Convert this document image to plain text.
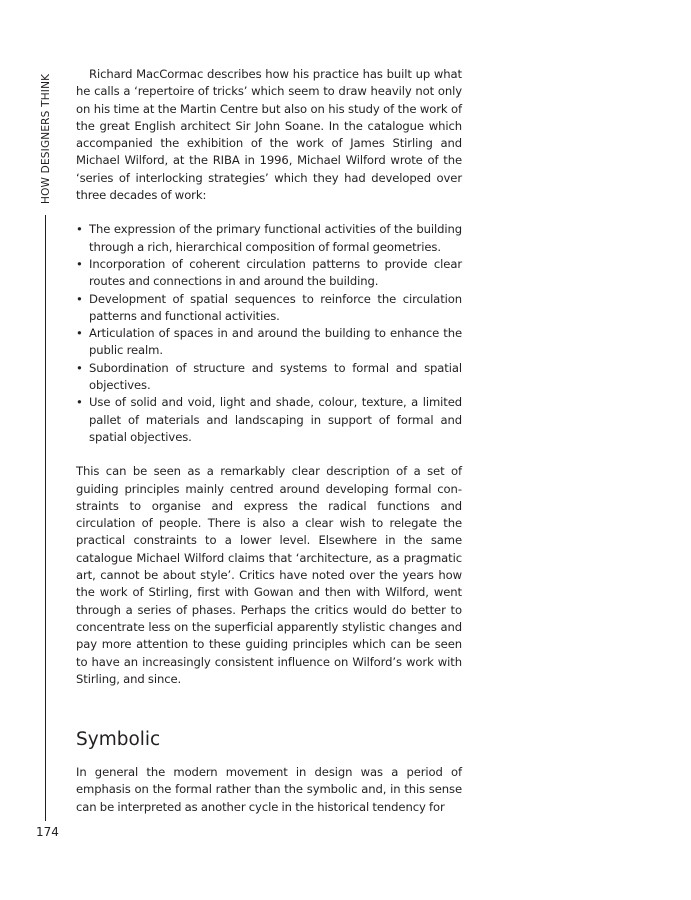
HOW DESIGNERS THINK
174

Richard MacCormac describes how his practice has built up what he calls a ‘repertoire of tricks’ which seem to draw heavily not only on his time at the Martin Centre but also on his study of the work of the great English architect Sir John Soane. In the catalogue which accompanied the exhibition of the work of James Stirling and Michael Wilford, at the RIBA in 1996, Michael Wilford wrote of the ‘series of interlocking strategies’ which they had developed over three decades of work:

• The expression of the primary functional activities of the building through a rich, hierarchical composition of formal geometries.
• Incorporation of coherent circulation patterns to provide clear routes and connections in and around the building.
• Development of spatial sequences to reinforce the circulation patterns and functional activities.
• Articulation of spaces in and around the building to enhance the public realm.
• Subordination of structure and systems to formal and spatial objectives.
• Use of solid and void, light and shade, colour, texture, a limited pallet of materials and landscaping in support of formal and spatial objectives.

This can be seen as a remarkably clear description of a set of guiding principles mainly centred around developing formal constraints to organise and express the radical functions and circulation of people. There is also a clear wish to relegate the practical constraints to a lower level. Elsewhere in the same catalogue Michael Wilford claims that ‘architecture, as a pragmatic art, cannot be about style’. Critics have noted over the years how the work of Stirling, first with Gowan and then with Wilford, went through a series of phases. Perhaps the critics would do better to concentrate less on the superficial apparently stylistic changes and pay more attention to these guiding principles which can be seen to have an increasingly consistent influence on Wilford’s work with Stirling, and since.

Symbolic

In general the modern movement in design was a period of emphasis on the formal rather than the symbolic and, in this sense can be interpreted as another cycle in the historical tendency for
